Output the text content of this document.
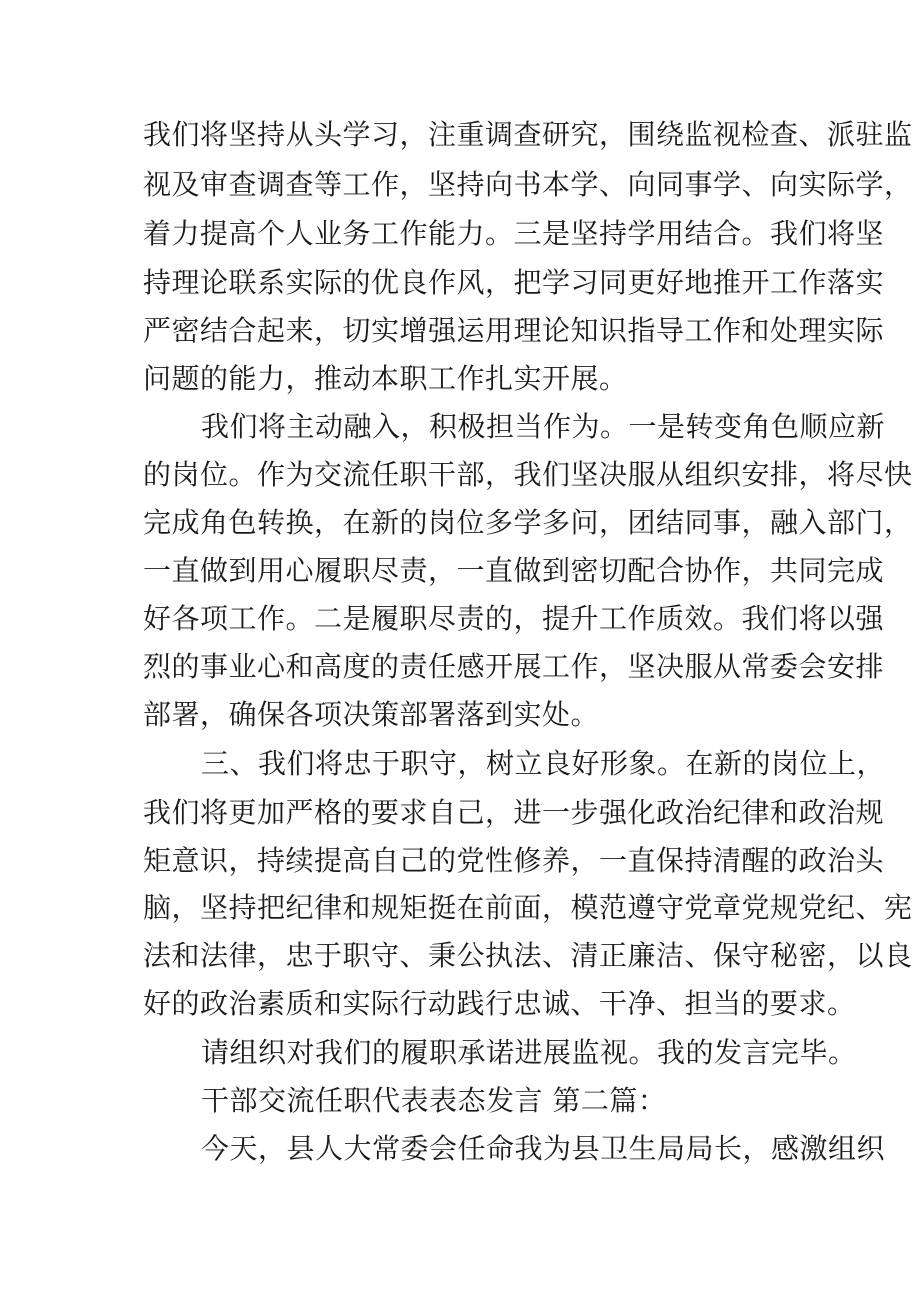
我们将坚持从头学习，注重调查研究，围绕监视检查、派驻监
视及审查调查等工作，坚持向书本学、向同事学、向实际学，
着力提高个人业务工作能力。三是坚持学用结合。我们将坚
持理论联系实际的优良作风，把学习同更好地推开工作落实
严密结合起来，切实增强运用理论知识指导工作和处理实际
问题的能力，推动本职工作扎实开展。
我们将主动融入，积极担当作为。一是转变角色顺应新
的岗位。作为交流任职干部，我们坚决服从组织安排，将尽快
完成角色转换，在新的岗位多学多问，团结同事，融入部门，
一直做到用心履职尽责，一直做到密切配合协作，共同完成
好各项工作。二是履职尽责的，提升工作质效。我们将以强
烈的事业心和高度的责任感开展工作，坚决服从常委会安排
部署，确保各项决策部署落到实处。
三、我们将忠于职守，树立良好形象。在新的岗位上，
我们将更加严格的要求自己，进一步强化政治纪律和政治规
矩意识，持续提高自己的党性修养，一直保持清醒的政治头
脑，坚持把纪律和规矩挺在前面，模范遵守党章党规党纪、宪
法和法律，忠于职守、秉公执法、清正廉洁、保守秘密，以良
好的政治素质和实际行动践行忠诚、干净、担当的要求。
请组织对我们的履职承诺进展监视。我的发言完毕。
干部交流任职代表表态发言 第二篇：
今天，县人大常委会任命我为县卫生局局长，感激组织
